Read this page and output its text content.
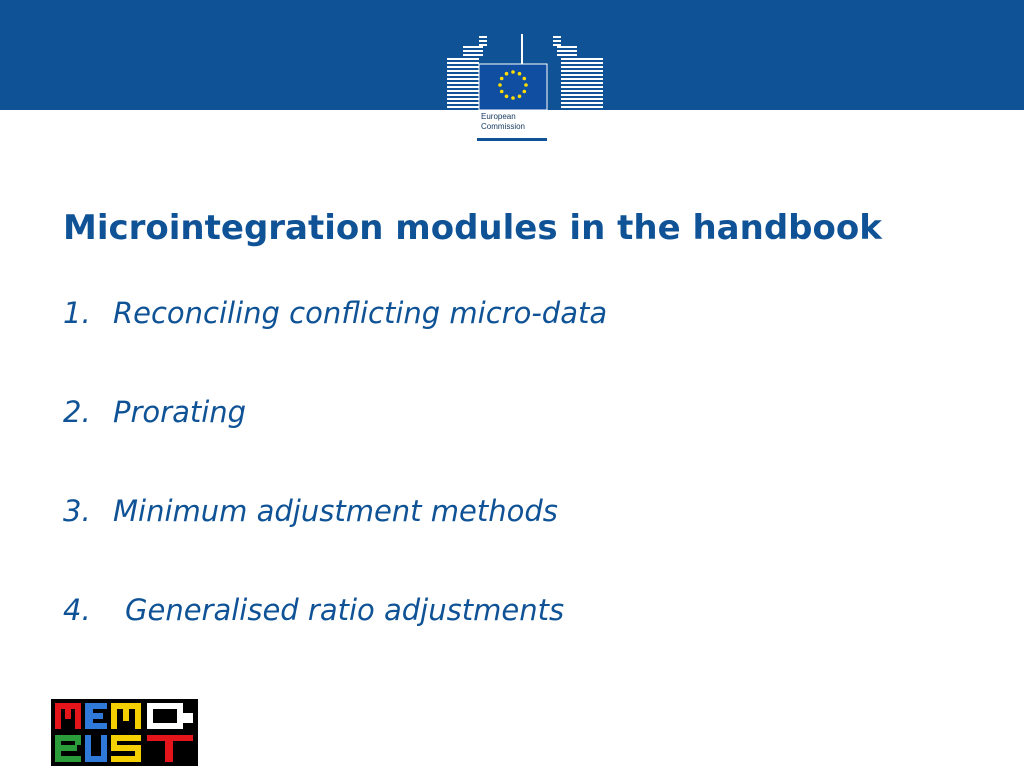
European
Commission
Microintegration modules in the handbook
1. Reconciling conflicting micro-data
2. Prorating
3. Minimum adjustment methods
4. Generalised ratio adjustments
